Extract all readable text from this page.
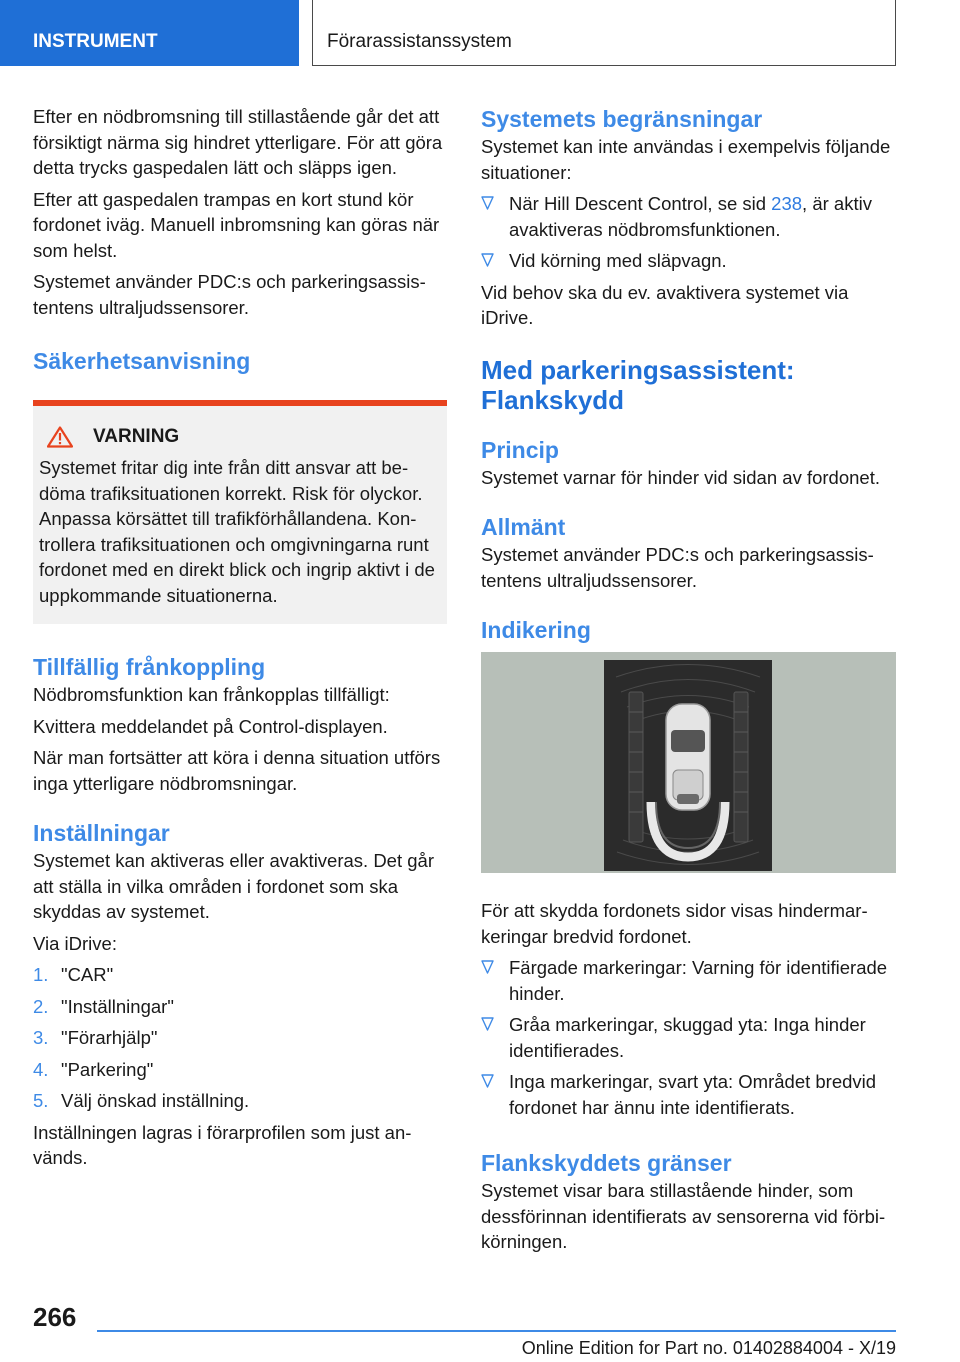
INSTRUMENT	Förarassistanssystem

Efter en nödbromsning till stillastående går det att försiktigt närma sig hindret ytterligare. För att göra detta trycks gaspedalen lätt och släpps igen.

Efter att gaspedalen trampas en kort stund kör fordonet iväg. Manuell inbromsning kan göras när som helst.

Systemet använder PDC:s och parkeringsassistentens ultraljudssensorer.

Säkerhetsanvisning
VARNING

Systemet fritar dig inte från ditt ansvar att bedöma trafiksituationen korrekt. Risk för olyckor. Anpassa körsättet till trafikförhållandena. Kontrollera trafiksituationen och omgivningarna runt fordonet med en direkt blick och ingrip aktivt i de uppkommande situationerna.

Tillfällig frånkoppling

Nödbromsfunktion kan frånkopplas tillfälligt:

Kvittera meddelandet på Control-displayen.

När man fortsätter att köra i denna situation utförs inga ytterligare nödbromsningar.

Inställningar

Systemet kan aktiveras eller avaktiveras. Det går att ställa in vilka områden i fordonet som ska skyddas av systemet.

Via iDrive:

1. "CAR"
2. "Inställningar"
3. "Förarhjälp"
4. "Parkering"
5. Välj önskad inställning.

Inställningen lagras i förarprofilen som just används.

Systemets begränsningar

Systemet kan inte användas i exempelvis följande situationer:

När Hill Descent Control, se sid 238, är aktiv avaktiveras nödbromsfunktionen.
Vid körning med släpvagn.

Vid behov ska du ev. avaktivera systemet via iDrive.

Med parkeringsassistent: Flankskydd
Princip

Systemet varnar för hinder vid sidan av fordonet.

Allmänt

Systemet använder PDC:s och parkeringsassistentens ultraljudssensorer.

Indikering

För att skydda fordonets sidor visas hindermarkeringar bredvid fordonet.

Färgade markeringar: Varning för identifierade hinder.
Gråa markeringar, skuggad yta: Inga hinder identifierades.
Inga markeringar, svart yta: Området bredvid fordonet har ännu inte identifierats.
Flankskyddets gränser

Systemet visar bara stillastående hinder, som dessförinnan identifierats av sensorerna vid förbikörningen.

266
Online Edition for Part no. 01402884004 - X/19
